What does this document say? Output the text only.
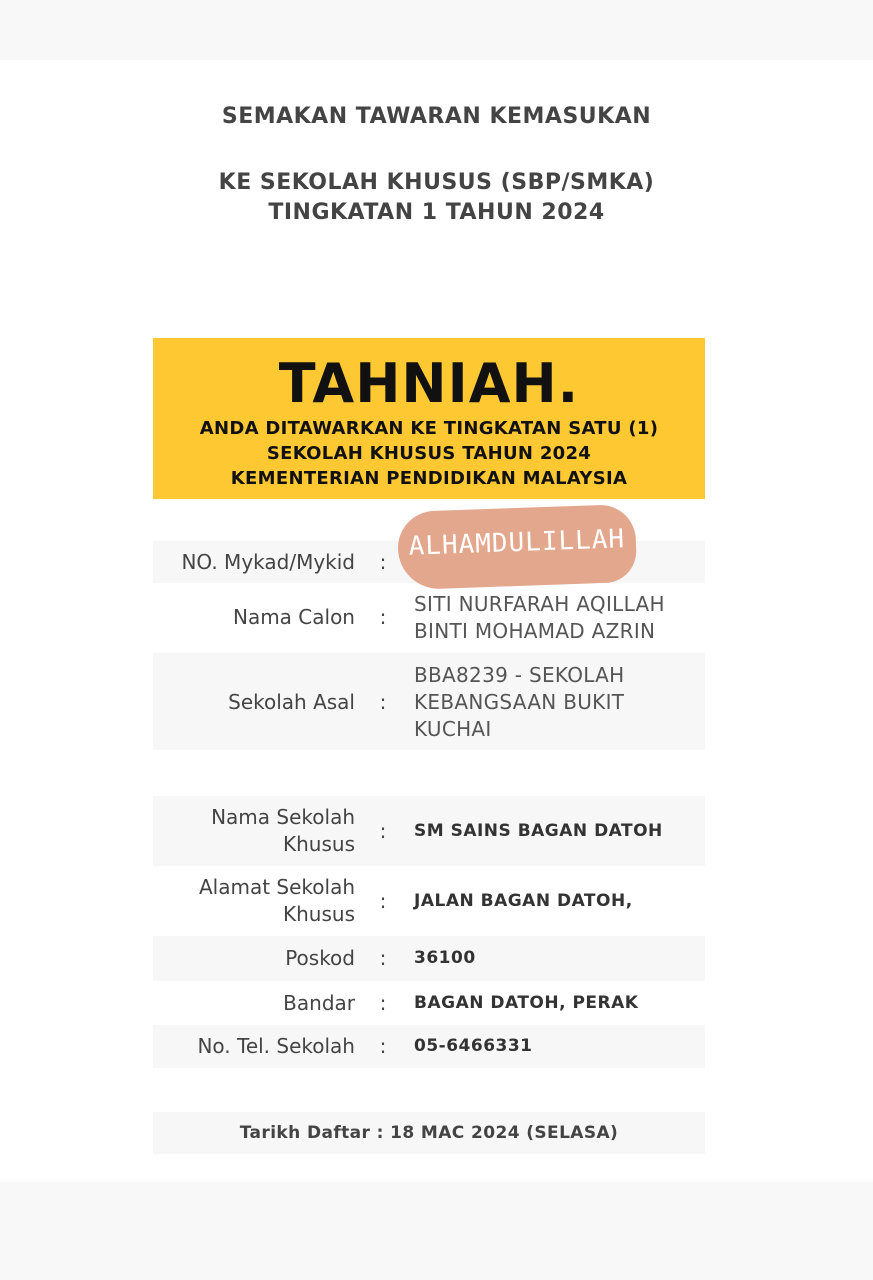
SEMAKAN TAWARAN KEMASUKAN
KE SEKOLAH KHUSUS (SBP/SMKA)
TINGKATAN 1 TAHUN 2024
TAHNIAH.
ANDA DITAWARKAN KE TINGKATAN SATU (1)
SEKOLAH KHUSUS TAHUN 2024
KEMENTERIAN PENDIDIKAN MALAYSIA
NO. Mykad/Mykid :
Nama Calon :
SITI NURFARAH AQILLAH
BINTI MOHAMAD AZRIN
Sekolah Asal :
BBA8239 - SEKOLAH
KEBANGSAAN BUKIT
KUCHAI
Nama Sekolah
Khusus
: SM SAINS BAGAN DATOH
Alamat Sekolah
Khusus
: JALAN BAGAN DATOH,
Poskod : 36100
Bandar : BAGAN DATOH, PERAK
No. Tel. Sekolah : 05-6466331
Tarikh Daftar : 18 MAC 2024 (SELASA)
ALHAMDULILLAH
